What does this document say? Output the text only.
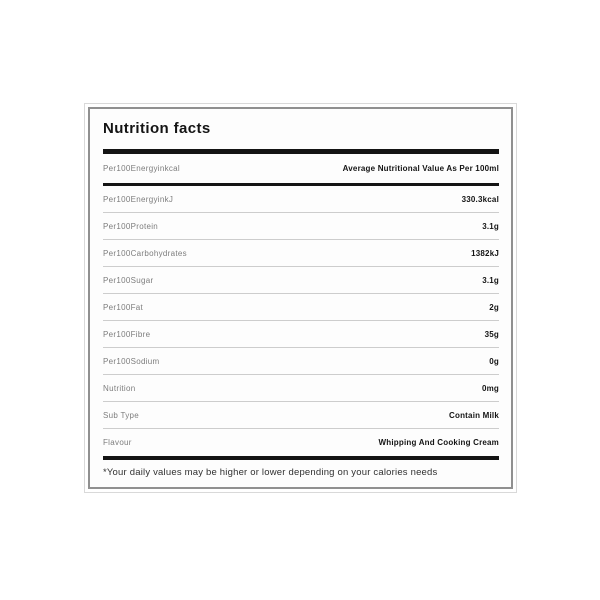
Nutrition facts
Per100Energyinkcal	Average Nutritional Value As Per 100ml
Per100EnergyinkJ	330.3kcal
Per100Protein	3.1g
Per100Carbohydrates	1382kJ
Per100Sugar	3.1g
Per100Fat	2g
Per100Fibre	35g
Per100Sodium	0g
Nutrition	0mg
Sub Type	Contain Milk
Flavour	Whipping And Cooking Cream
*Your daily values may be higher or lower depending on your calories needs
